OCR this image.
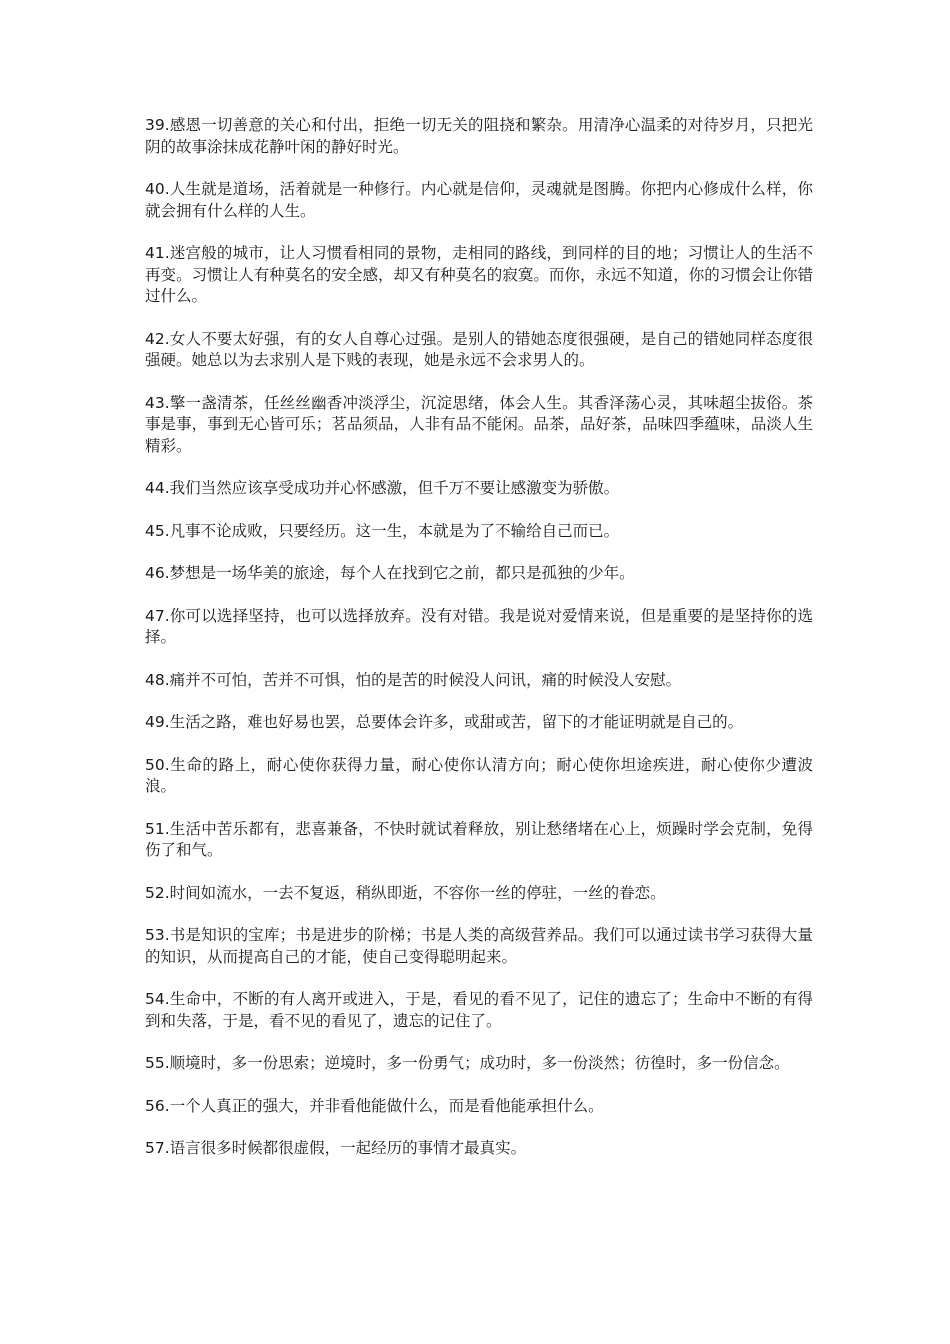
39.感恩一切善意的关心和付出，拒绝一切无关的阻挠和繁杂。用清净心温柔的对待岁月，只把光阴的故事涂抹成花静叶闲的静好时光。

40.人生就是道场，活着就是一种修行。内心就是信仰，灵魂就是图腾。你把内心修成什么样，你就会拥有什么样的人生。

41.迷宫般的城市，让人习惯看相同的景物，走相同的路线，到同样的目的地；习惯让人的生活不再变。习惯让人有种莫名的安全感，却又有种莫名的寂寞。而你，永远不知道，你的习惯会让你错过什么。

42.女人不要太好强，有的女人自尊心过强。是别人的错她态度很强硬，是自己的错她同样态度很强硬。她总以为去求别人是下贱的表现，她是永远不会求男人的。

43.擎一盏清茶，任丝丝幽香冲淡浮尘，沉淀思绪，体会人生。其香泽荡心灵，其味超尘拔俗。茶事是事，事到无心皆可乐；茗品须品，人非有品不能闲。品茶，品好茶，品味四季蕴味，品淡人生精彩。

44.我们当然应该享受成功并心怀感激，但千万不要让感激变为骄傲。

45.凡事不论成败，只要经历。这一生，本就是为了不输给自己而已。

46.梦想是一场华美的旅途，每个人在找到它之前，都只是孤独的少年。

47.你可以选择坚持，也可以选择放弃。没有对错。我是说对爱情来说，但是重要的是坚持你的选择。

48.痛并不可怕，苦并不可惧，怕的是苦的时候没人问讯，痛的时候没人安慰。

49.生活之路，难也好易也罢，总要体会许多，或甜或苦，留下的才能证明就是自己的。

50.生命的路上，耐心使你获得力量，耐心使你认清方向；耐心使你坦途疾进，耐心使你少遭波浪。

51.生活中苦乐都有，悲喜兼备，不快时就试着释放，别让愁绪堵在心上，烦躁时学会克制，免得伤了和气。

52.时间如流水，一去不复返，稍纵即逝，不容你一丝的停驻，一丝的眷恋。

53.书是知识的宝库；书是进步的阶梯；书是人类的高级营养品。我们可以通过读书学习获得大量的知识，从而提高自己的才能，使自己变得聪明起来。

54.生命中，不断的有人离开或进入，于是，看见的看不见了，记住的遗忘了；生命中不断的有得到和失落，于是，看不见的看见了，遗忘的记住了。

55.顺境时，多一份思索；逆境时，多一份勇气；成功时，多一份淡然；彷徨时，多一份信念。

56.一个人真正的强大，并非看他能做什么，而是看他能承担什么。

57.语言很多时候都很虚假，一起经历的事情才最真实。
